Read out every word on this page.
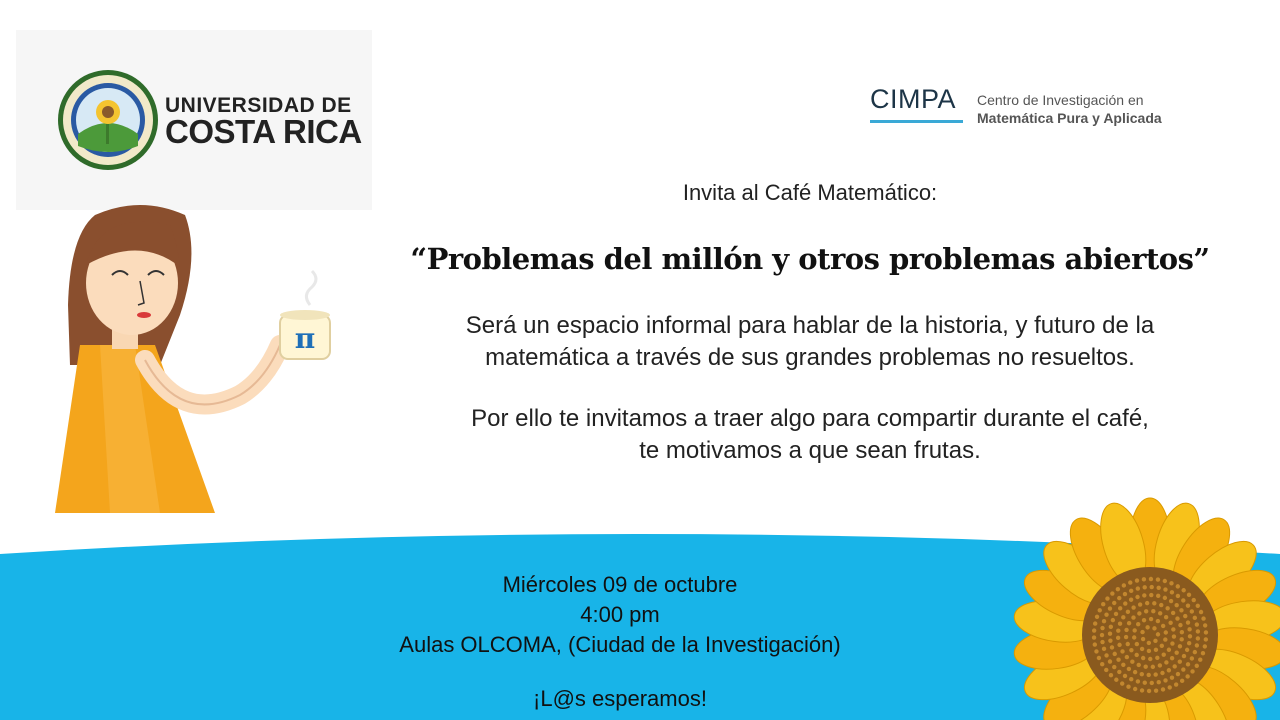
UNIVERSIDAD DE
COSTA RICA
CIMPA Centro de Investigación en
Matemática Pura y Aplicada
Invita al Café Matemático:
“Problemas del millón y otros problemas abiertos”
Será un espacio informal para hablar de la historia, y futuro de la
matemática a través de sus grandes problemas no resueltos.
Por ello te invitamos a traer algo para compartir durante el café,
te motivamos a que sean frutas.
π
Miércoles 09 de octubre
4:00 pm
Aulas OLCOMA, (Ciudad de la Investigación)
¡L@s esperamos!
